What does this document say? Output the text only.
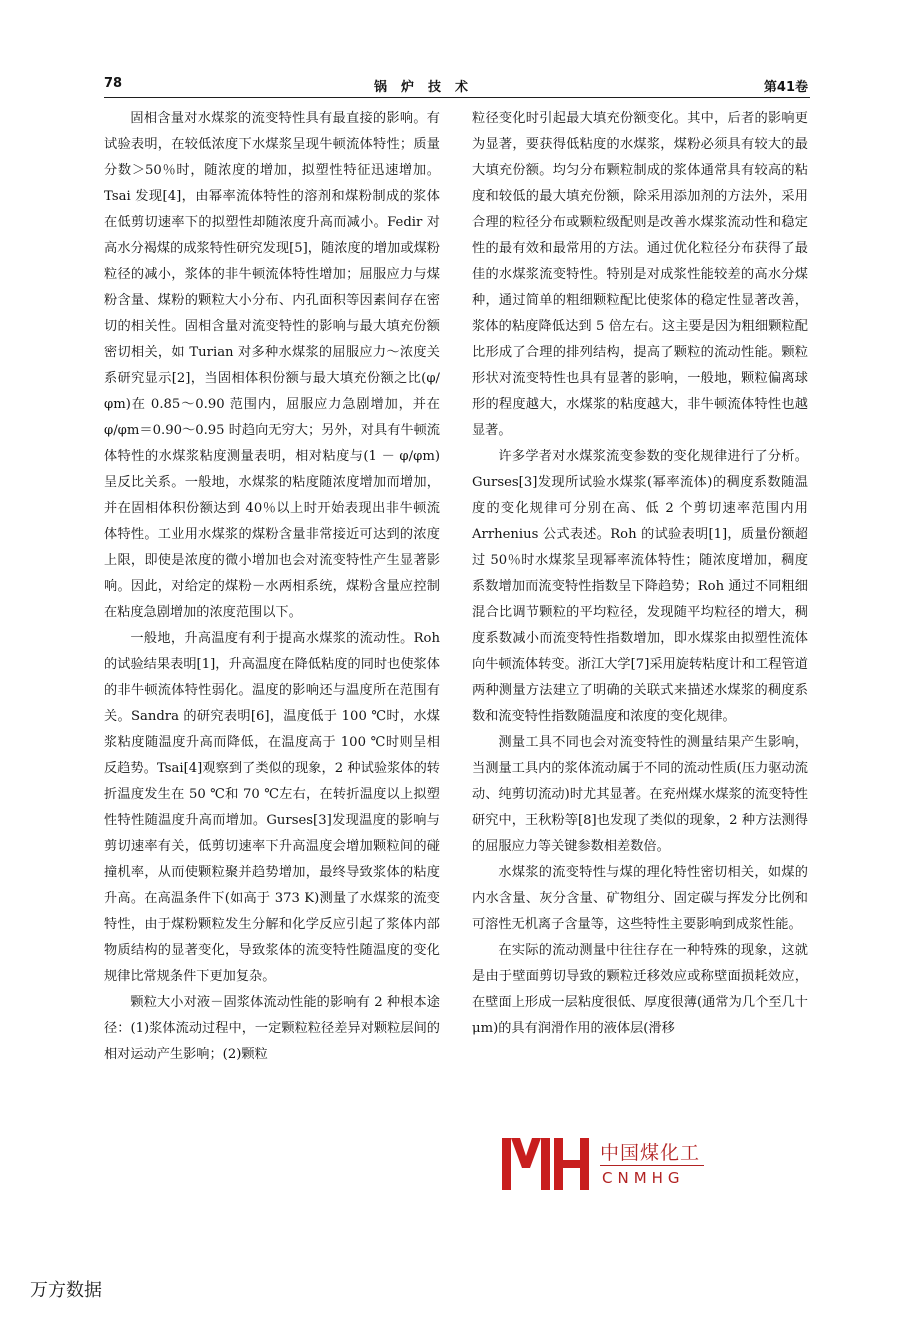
78	锅炉技术	第41卷

固相含量对水煤浆的流变特性具有最直接的影响。有试验表明，在较低浓度下水煤浆呈现牛顿流体特性；质量分数＞50％时，随浓度的增加，拟塑性特征迅速增加。Tsai 发现[4]，由幂率流体特性的溶剂和煤粉制成的浆体在低剪切速率下的拟塑性却随浓度升高而减小。Fedir 对高水分褐煤的成浆特性研究发现[5]，随浓度的增加或煤粉粒径的减小，浆体的非牛顿流体特性增加；屈服应力与煤粉含量、煤粉的颗粒大小分布、内孔面积等因素间存在密切的相关性。固相含量对流变特性的影响与最大填充份额密切相关，如 Turian 对多种水煤浆的屈服应力～浓度关系研究显示[2]，当固相体积份额与最大填充份额之比(φ/φm)在 0.85～0.90 范围内，屈服应力急剧增加，并在 φ/φm＝0.90～0.95 时趋向无穷大；另外，对具有牛顿流体特性的水煤浆粘度测量表明，相对粘度与(1 － φ/φm)呈反比关系。一般地，水煤浆的粘度随浓度增加而增加，并在固相体积份额达到 40％以上时开始表现出非牛顿流体特性。工业用水煤浆的煤粉含量非常接近可达到的浓度上限，即使是浓度的微小增加也会对流变特性产生显著影响。因此，对给定的煤粉－水两相系统，煤粉含量应控制在粘度急剧增加的浓度范围以下。

一般地，升高温度有利于提高水煤浆的流动性。Roh 的试验结果表明[1]，升高温度在降低粘度的同时也使浆体的非牛顿流体特性弱化。温度的影响还与温度所在范围有关。Sandra 的研究表明[6]，温度低于 100 ℃时，水煤浆粘度随温度升高而降低，在温度高于 100 ℃时则呈相反趋势。Tsai[4]观察到了类似的现象，2 种试验浆体的转折温度发生在 50 ℃和 70 ℃左右，在转折温度以上拟塑性特性随温度升高而增加。Gurses[3]发现温度的影响与剪切速率有关，低剪切速率下升高温度会增加颗粒间的碰撞机率，从而使颗粒聚并趋势增加，最终导致浆体的粘度升高。在高温条件下(如高于 373 K)测量了水煤浆的流变特性，由于煤粉颗粒发生分解和化学反应引起了浆体内部物质结构的显著变化，导致浆体的流变特性随温度的变化规律比常规条件下更加复杂。

颗粒大小对液－固浆体流动性能的影响有 2 种根本途径：(1)浆体流动过程中，一定颗粒粒径差异对颗粒层间的相对运动产生影响；(2)颗粒

粒径变化时引起最大填充份额变化。其中，后者的影响更为显著，要获得低粘度的水煤浆，煤粉必须具有较大的最大填充份额。均匀分布颗粒制成的浆体通常具有较高的粘度和较低的最大填充份额，除采用添加剂的方法外，采用合理的粒径分布或颗粒级配则是改善水煤浆流动性和稳定性的最有效和最常用的方法。通过优化粒径分布获得了最佳的水煤浆流变特性。特别是对成浆性能较差的高水分煤种，通过简单的粗细颗粒配比使浆体的稳定性显著改善，浆体的粘度降低达到 5 倍左右。这主要是因为粗细颗粒配比形成了合理的排列结构，提高了颗粒的流动性能。颗粒形状对流变特性也具有显著的影响，一般地，颗粒偏离球形的程度越大，水煤浆的粘度越大，非牛顿流体特性也越显著。

许多学者对水煤浆流变参数的变化规律进行了分析。Gurses[3]发现所试验水煤浆(幂率流体)的稠度系数随温度的变化规律可分别在高、低 2 个剪切速率范围内用 Arrhenius 公式表述。Roh 的试验表明[1]，质量份额超过 50％时水煤浆呈现幂率流体特性；随浓度增加，稠度系数增加而流变特性指数呈下降趋势；Roh 通过不同粗细混合比调节颗粒的平均粒径，发现随平均粒径的增大，稠度系数减小而流变特性指数增加，即水煤浆由拟塑性流体向牛顿流体转变。浙江大学[7]采用旋转粘度计和工程管道两种测量方法建立了明确的关联式来描述水煤浆的稠度系数和流变特性指数随温度和浓度的变化规律。

测量工具不同也会对流变特性的测量结果产生影响，当测量工具内的浆体流动属于不同的流动性质(压力驱动流动、纯剪切流动)时尤其显著。在兖州煤水煤浆的流变特性研究中，王秋粉等[8]也发现了类似的现象，2 种方法测得的屈服应力等关键参数相差数倍。

水煤浆的流变特性与煤的理化特性密切相关，如煤的内水含量、灰分含量、矿物组分、固定碳与挥发分比例和可溶性无机离子含量等，这些特性主要影响到成浆性能。

在实际的流动测量中往往存在一种特殊的现象，这就是由于壁面剪切导致的颗粒迁移效应或称壁面损耗效应，在壁面上形成一层粘度很低、厚度很薄(通常为几个至几十 μm)的具有润滑作用的液体层(滑移

中国煤化工
CNMHG
万方数据
